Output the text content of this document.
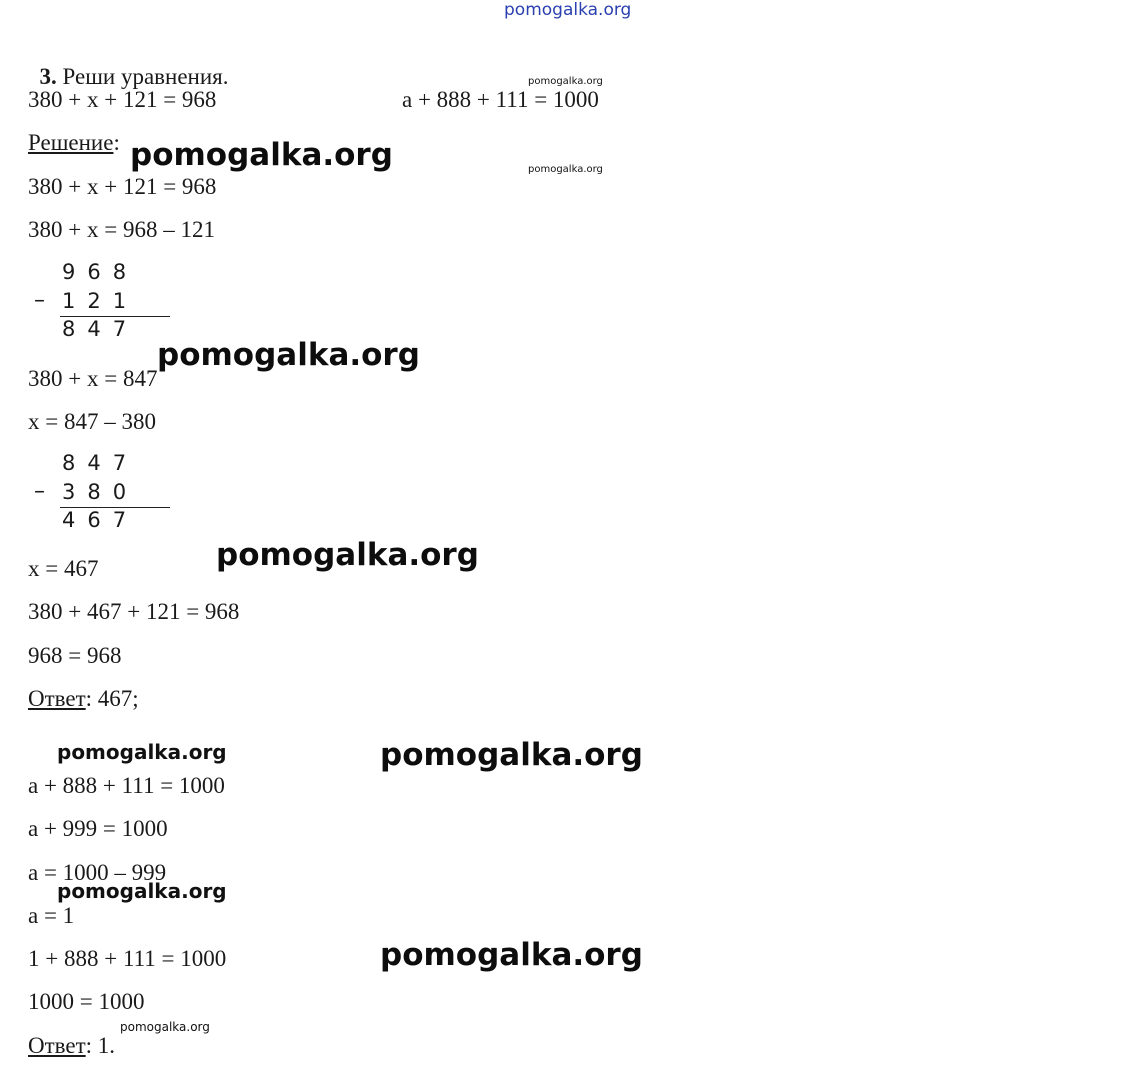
pomogalka.org
pomogalka.org
pomogalka.org
pomogalka.org
pomogalka.org
pomogalka.org
pomogalka.org	pomogalka.org
pomogalka.org
pomogalka.org
pomogalka.org

3. Реши уравнения.

380 + x + 121 = 968	a + 888 + 111 = 1000
Решение:
380 + x + 121 = 968
380 + x = 968 – 121
–
968
121
847
380 + x = 847
x = 847 – 380
–
847
380
467
x = 467
380 + 467 + 121 = 968
968 = 968
Ответ: 467;
a + 888 + 111 = 1000
a + 999 = 1000
a = 1000 – 999
a = 1
1 + 888 + 111 = 1000
1000 = 1000
Ответ: 1.
